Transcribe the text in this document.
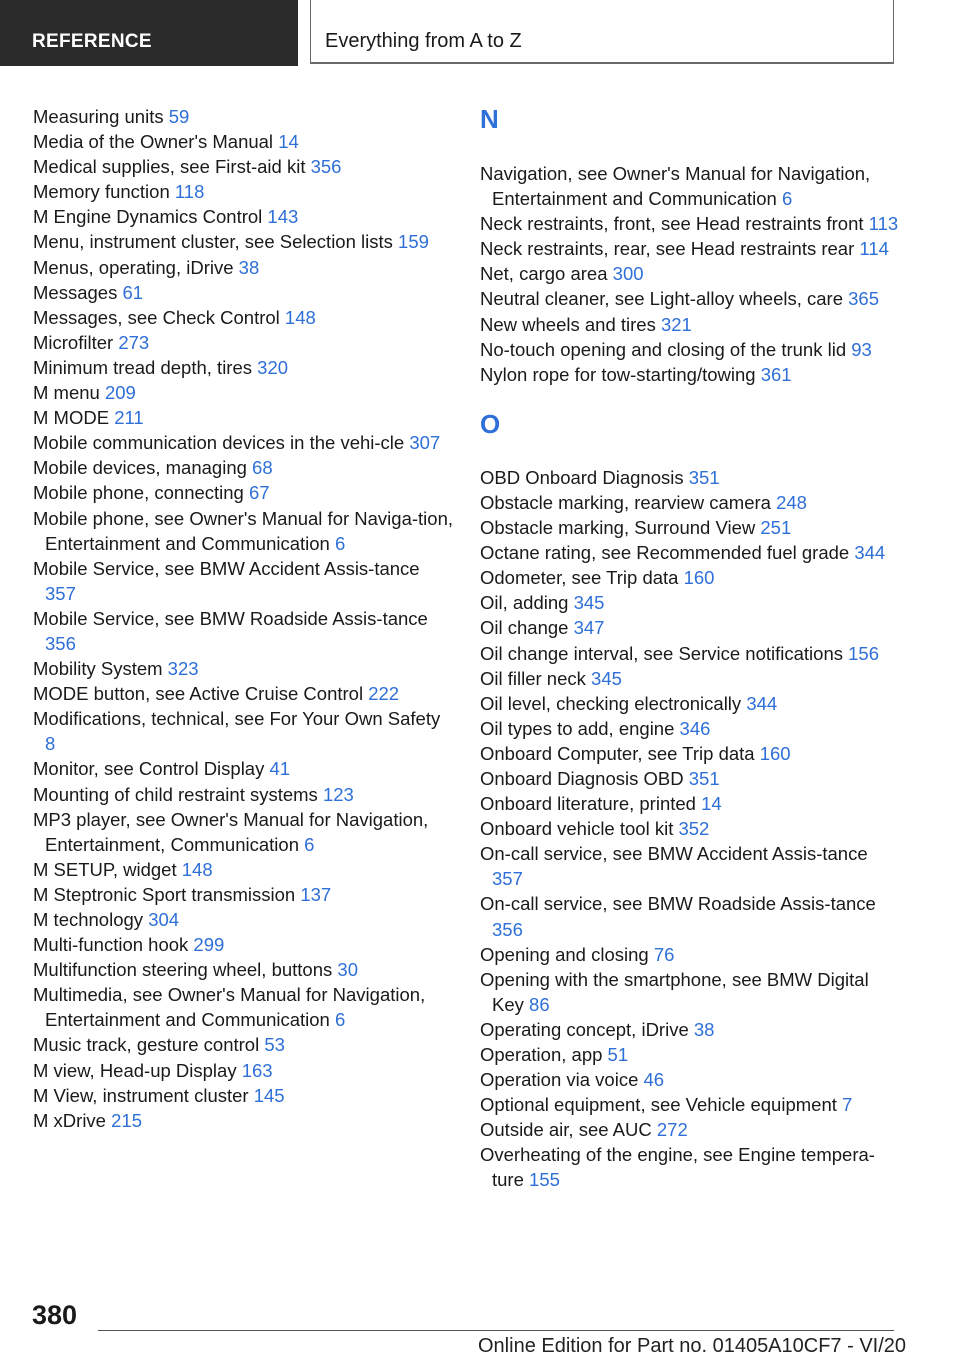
REFERENCE	Everything from A to Z
Measuring units 59
Media of the Owner's Manual 14
Medical supplies, see First-aid kit 356
Memory function 118
M Engine Dynamics Control 143
Menu, instrument cluster, see Selection lists 159
Menus, operating, iDrive 38
Messages 61
Messages, see Check Control 148
Microfilter 273
Minimum tread depth, tires 320
M menu 209
M MODE 211
Mobile communication devices in the vehi‐cle 307
Mobile devices, managing 68
Mobile phone, connecting 67
Mobile phone, see Owner's Manual for Naviga‐tion, Entertainment and Communication 6
Mobile Service, see BMW Accident Assis‐tance 357
Mobile Service, see BMW Roadside Assis‐tance 356
Mobility System 323
MODE button, see Active Cruise Control 222
Modifications, technical, see For Your Own Safety 8
Monitor, see Control Display 41
Mounting of child restraint systems 123
MP3 player, see Owner's Manual for Navigation, Entertainment, Communication 6
M SETUP, widget 148
M Steptronic Sport transmission 137
M technology 304
Multi-function hook 299
Multifunction steering wheel, buttons 30
Multimedia, see Owner's Manual for Navigation, Entertainment and Communication 6
Music track, gesture control 53
M view, Head-up Display 163
M View, instrument cluster 145
M xDrive 215
N
Navigation, see Owner's Manual for Navigation, Entertainment and Communication 6
Neck restraints, front, see Head restraints front 113
Neck restraints, rear, see Head restraints rear 114
Net, cargo area 300
Neutral cleaner, see Light-alloy wheels, care 365
New wheels and tires 321
No-touch opening and closing of the trunk lid 93
Nylon rope for tow-starting/towing 361
O
OBD Onboard Diagnosis 351
Obstacle marking, rearview camera 248
Obstacle marking, Surround View 251
Octane rating, see Recommended fuel grade 344
Odometer, see Trip data 160
Oil, adding 345
Oil change 347
Oil change interval, see Service notifications 156
Oil filler neck 345
Oil level, checking electronically 344
Oil types to add, engine 346
Onboard Computer, see Trip data 160
Onboard Diagnosis OBD 351
Onboard literature, printed 14
Onboard vehicle tool kit 352
On-call service, see BMW Accident Assis‐tance 357
On-call service, see BMW Roadside Assis‐tance 356
Opening and closing 76
Opening with the smartphone, see BMW Digital Key 86
Operating concept, iDrive 38
Operation, app 51
Operation via voice 46
Optional equipment, see Vehicle equipment 7
Outside air, see AUC 272
Overheating of the engine, see Engine tempera‐ture 155
380
Online Edition for Part no. 01405A10CF7 - VI/20
